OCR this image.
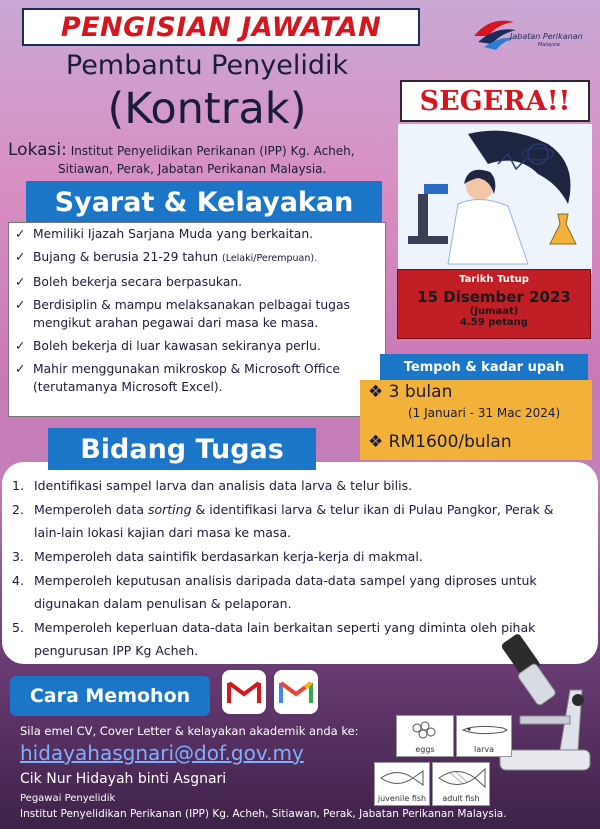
PENGISIAN JAWATAN	Jabatan Perikanan
Malaysia
Pembantu Penyelidik
(Kontrak)
Lokasi: Institut Penyelidikan Perikanan (IPP) Kg. Acheh,
Sitiawan, Perak, Jabatan Perikanan Malaysia.
SEGERA!!
Tarikh Tutup
15 Disember 2023
(Jumaat)
4.59 petang
Syarat & Kelayakan
✓ Memiliki Ijazah Sarjana Muda yang berkaitan.
✓ Bujang & berusia 21-29 tahun (Lelaki/Perempuan).
✓ Boleh bekerja secara berpasukan.
✓ Berdisiplin & mampu melaksanakan pelbagai tugas mengikut arahan pegawai dari masa ke masa.
✓ Boleh bekerja di luar kawasan sekiranya perlu.
✓ Mahir menggunakan mikroskop & Microsoft Office (terutamanya Microsoft Excel).
Tempoh & kadar upah
❖ 3 bulan
(1 Januari - 31 Mac 2024)
❖ RM1600/bulan
1. Identifikasi sampel larva dan analisis data larva & telur bilis.
2. Memperoleh data sorting & identifikasi larva & telur ikan di Pulau Pangkor, Perak & lain-lain lokasi kajian dari masa ke masa.
3. Memperoleh data saintifik berdasarkan kerja-kerja di makmal.
4. Memperoleh keputusan analisis daripada data-data sampel yang diproses untuk digunakan dalam penulisan & pelaporan.
5. Memperoleh keperluan data-data lain berkaitan seperti yang diminta oleh pihak pengurusan IPP Kg Acheh.
Bidang Tugas
Cara Memohon
Sila emel CV, Cover Letter & kelayakan akademik anda ke:
hidayahasgnari@dof.gov.my
Cik Nur Hidayah binti Asgnari
Pegawai Penyelidik
Institut Penyelidikan Perikanan (IPP) Kg. Acheh, Sitiawan, Perak, Jabatan Perikanan Malaysia.
eggs	larva
juvenile fish	adult fish
